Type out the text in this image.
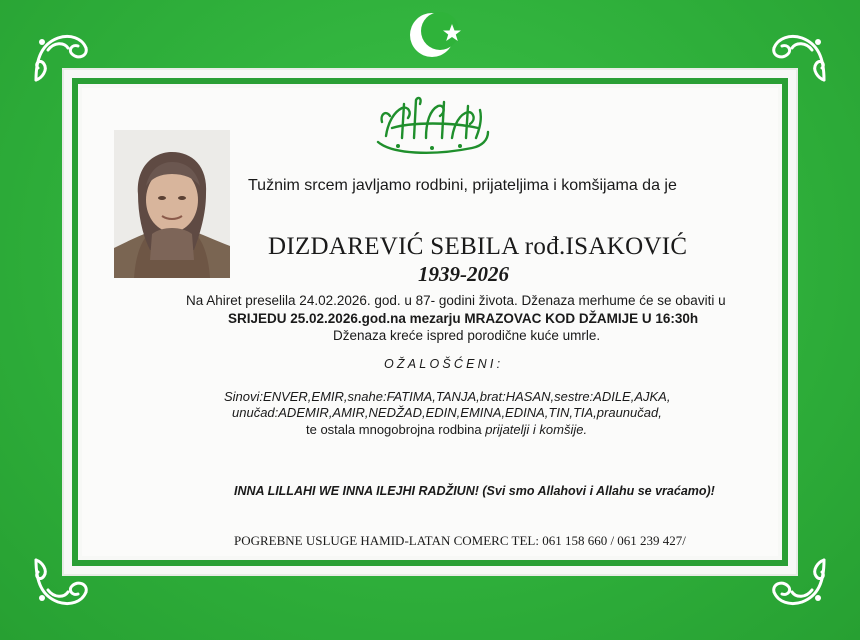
Tužnim srcem javljamo rodbini, prijateljima i komšijama da je
DIZDAREVIĆ SEBILA rođ.ISAKOVIĆ
1939-2026
Na Ahiret preselila 24.02.2026. god. u 87- godini života. Dženaza merhume će se obaviti u
SRIJEDU 25.02.2026.god.na mezarju MRAZOVAC KOD DŽAMIJE U 16:30h
Dženaza kreće ispred porodične kuće umrle.
OŽALOŠĆENI:
Sinovi:ENVER,EMIR,snahe:FATIMA,TANJA,brat:HASAN,sestre:ADILE,AJKA,
unučad:ADEMIR,AMIR,NEDŽAD,EDIN,EMINA,EDINA,TIN,TIA,praunučad,
te ostala mnogobrojna rodbina prijatelji i komšije.
INNA LILLAHI WE INNA ILEJHI RADŽIUN! (Svi smo Allahovi i Allahu se vraćamo)!
POGREBNE USLUGE HAMID-LATAN COMERC TEL: 061 158 660 / 061 239 427/
